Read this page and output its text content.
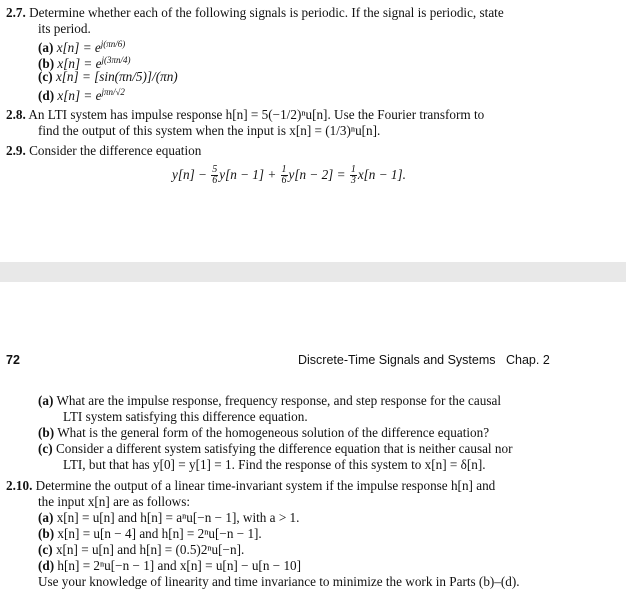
2.7. Determine whether each of the following signals is periodic. If the signal is periodic, state
its period.
(a) $x[n] = e^{j(\pi n/6)}$
(b) $x[n] = e^{j(3\pi n/4)}$
(c) x[n] = [sin(πn/5)]/(πn)
(d) $x[n] = e^{j\pi n/√2}$
2.8. An LTI system has impulse response h[n] = 5(−1/2)ⁿu[n]. Use the Fourier transform to
find the output of this system when the input is x[n] = (1/3)ⁿu[n].
2.9. Consider the difference equation
$y[n] - \frac{5}{6} y[n - 1] + \frac{1}{6} y[n - 2] = \frac{1}{3} x[n - 1]$.
72	Discrete-Time Signals and Systems Chap. 2
(a) What are the impulse response, frequency response, and step response for the causal
LTI system satisfying this difference equation.
(b) What is the general form of the homogeneous solution of the difference equation?
(c) Consider a different system satisfying the difference equation that is neither causal nor
LTI, but that has y[0] = y[1] = 1. Find the response of this system to x[n] = δ[n].
2.10. Determine the output of a linear time-invariant system if the impulse response h[n] and
the input x[n] are as follows:
(a) x[n] = u[n] and h[n] = aⁿu[−n − 1], with a > 1.
(b) x[n] = u[n − 4] and h[n] = 2ⁿu[−n − 1].
(c) x[n] = u[n] and h[n] = (0.5)2ⁿu[−n].
(d) h[n] = 2ⁿu[−n − 1] and x[n] = u[n] − u[n − 10]
Use your knowledge of linearity and time invariance to minimize the work in Parts (b)–(d).
